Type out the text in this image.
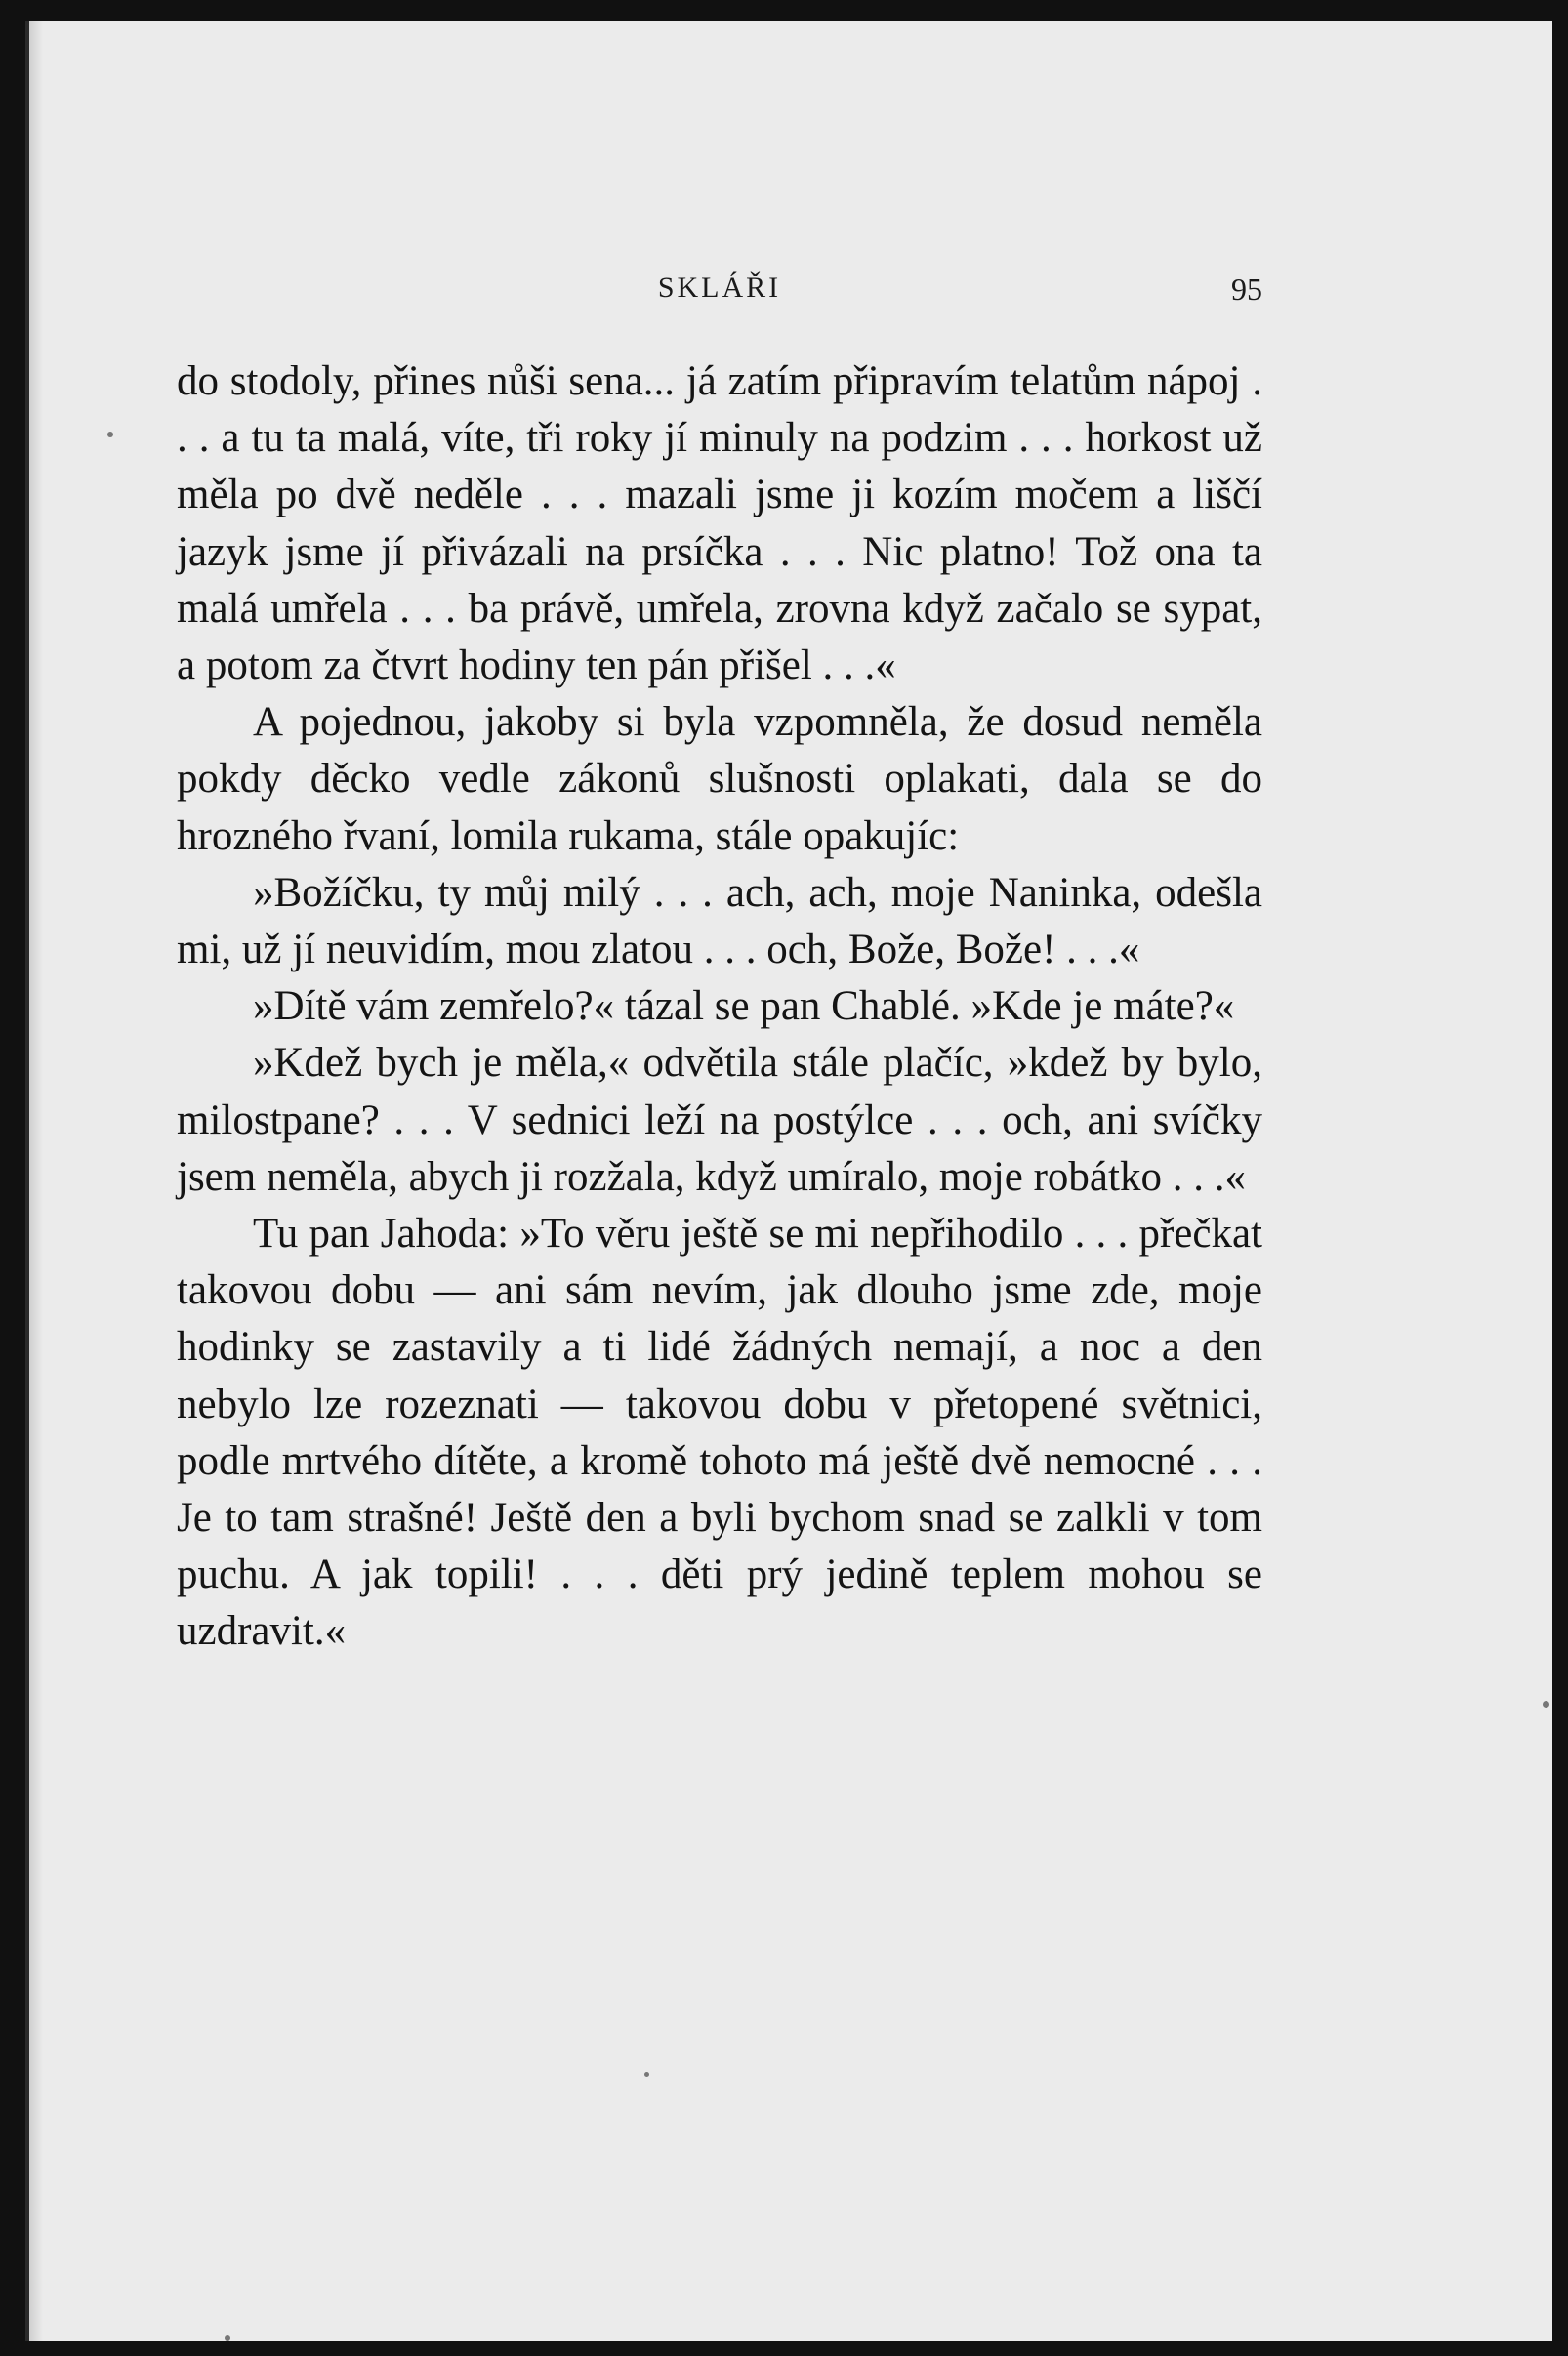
SKLÁŘI	95

do stodoly, přines nůši sena... já zatím připravím telatům nápoj . . . a tu ta malá, víte, tři roky jí minuly na podzim . . . horkost už měla po dvě neděle . . . mazali jsme ji kozím močem a liščí jazyk jsme jí přivázali na prsíčka . . . Nic platno! Tož ona ta malá umřela . . . ba právě, umřela, zrovna když začalo se sypat, a potom za čtvrt hodiny ten pán přišel . . .«

A pojednou, jakoby si byla vzpomněla, že dosud neměla pokdy děcko vedle zákonů slušnosti oplakati, dala se do hrozného řvaní, lomila rukama, stále opakujíc:

»Božíčku, ty můj milý . . . ach, ach, moje Naninka, odešla mi, už jí neuvidím, mou zlatou . . . och, Bože, Bože! . . .«

»Dítě vám zemřelo?« tázal se pan Chablé. »Kde je máte?«

»Kdež bych je měla,« odvětila stále plačíc, »kdež by bylo, milostpane? . . . V sednici leží na postýlce . . . och, ani svíčky jsem neměla, abych ji rozžala, když umíralo, moje robátko . . .«

Tu pan Jahoda: »To věru ještě se mi nepřihodilo . . . přečkat takovou dobu — ani sám nevím, jak dlouho jsme zde, moje hodinky se zastavily a ti lidé žádných nemají, a noc a den nebylo lze rozeznati — takovou dobu v přetopené světnici, podle mrtvého dítěte, a kromě tohoto má ještě dvě nemocné . . . Je to tam strašné! Ještě den a byli bychom snad se zalkli v tom puchu. A jak topili! . . . děti prý jedině teplem mohou se uzdravit.«
